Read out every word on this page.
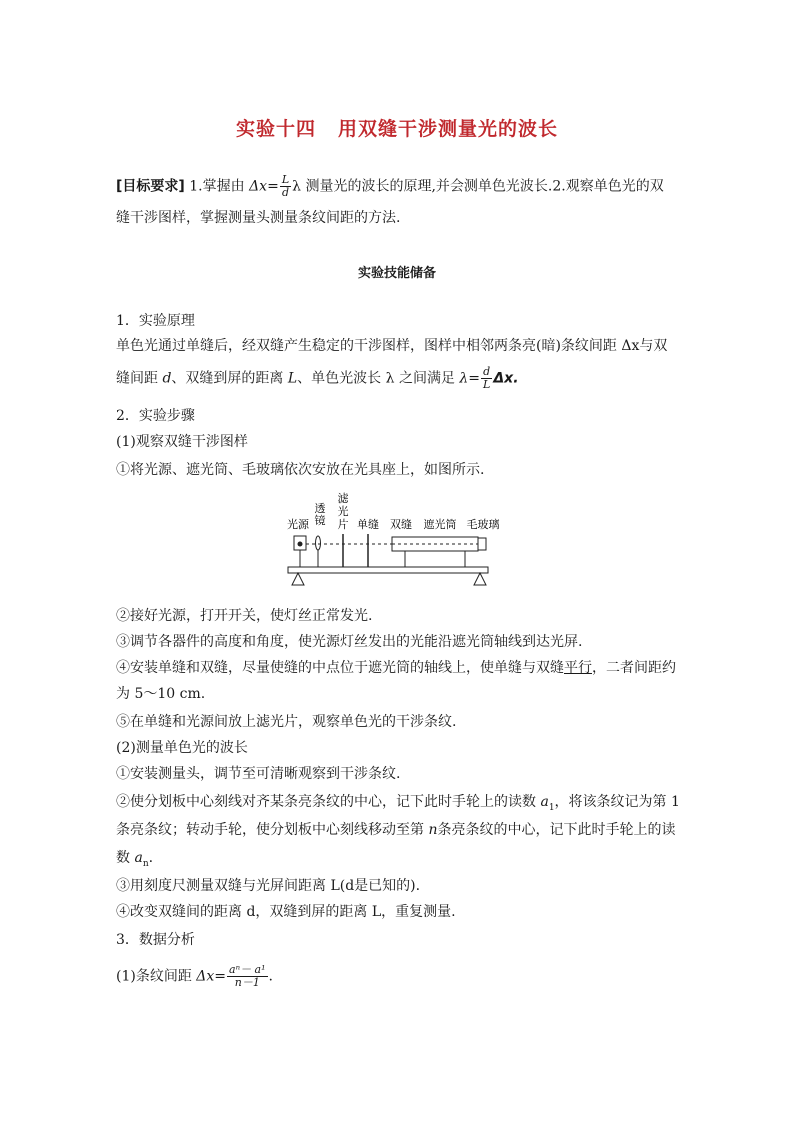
实验十四 用双缝干涉测量光的波长
[目标要求] 1.掌握由 $\Delta x= \frac{L}{d}$ λ 测量光的波长的原理,并会测单色光波长.2.观察单色光的双
缝干涉图样，掌握测量头测量条纹间距的方法.
实验技能储备
1．实验原理
单色光通过单缝后，经双缝产生稳定的干涉图样，图样中相邻两条亮(暗)条纹间距 Δx与双
缝间距 d、双缝到屏的距离 L、单色光波长 λ 之间满足 $\lambda= \frac{d}{L} \Delta x$.
2．实验步骤
(1)观察双缝干涉图样
①将光源、遮光筒、毛玻璃依次安放在光具座上，如图所示.
光源
透
镜
滤
光
片 单缝 双缝 遮光筒 毛玻璃
②接好光源，打开开关，使灯丝正常发光.
③调节各器件的高度和角度，使光源灯丝发出的光能沿遮光筒轴线到达光屏.
④安装单缝和双缝，尽量使缝的中点位于遮光筒的轴线上，使单缝与双缝平行，二者间距约
为 5～10 cm.
⑤在单缝和光源间放上滤光片，观察单色光的干涉条纹.
(2)测量单色光的波长
①安装测量头，调节至可清晰观察到干涉条纹.
②使分划板中心刻线对齐某条亮条纹的中心，记下此时手轮上的读数 $a_1$，将该条纹记为第 1
条亮条纹；转动手轮，使分划板中心刻线移动至第 n条亮条纹的中心，记下此时手轮上的读
数 $a_n$.
③用刻度尺测量双缝与光屏间距离 L(d是已知的).
④改变双缝间的距离 d，双缝到屏的距离 L，重复测量.
3．数据分析
(1)条纹间距 $\Delta x= \frac{\text{aⁿ－ a¹}}{n-1}$ .
